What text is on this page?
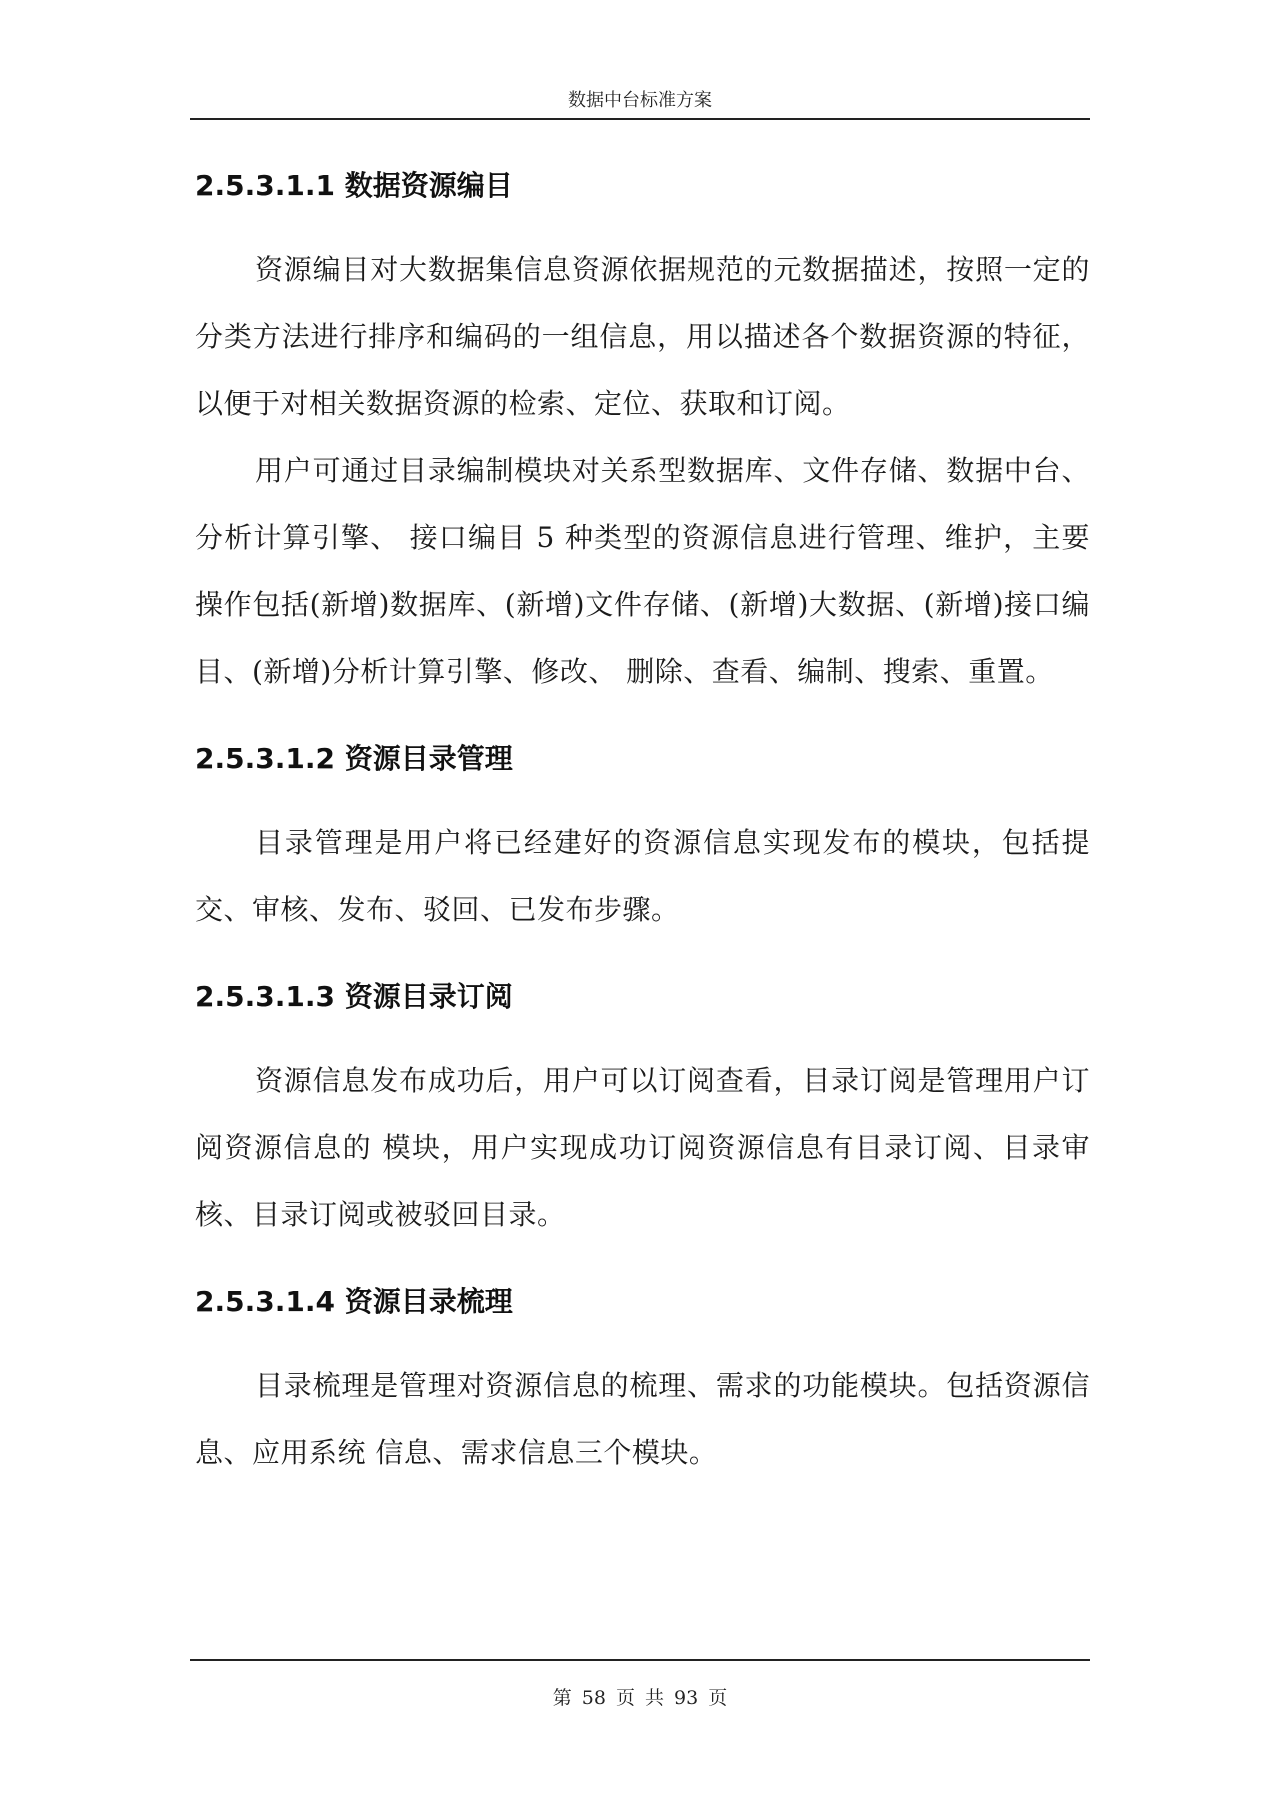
数据中台标准方案
2.5.3.1.1 数据资源编目

资源编目对大数据集信息资源依据规范的元数据描述，按照一定的分类方法进行排序和编码的一组信息，用以描述各个数据资源的特征，以便于对相关数据资源的检索、定位、获取和订阅。

用户可通过目录编制模块对关系型数据库、文件存储、数据中台、分析计算引擎、 接口编目 5 种类型的资源信息进行管理、维护，主要操作包括(新增)数据库、(新增)文件存储、(新增)大数据、(新增)接口编目、(新增)分析计算引擎、修改、 删除、查看、编制、搜索、重置。

2.5.3.1.2 资源目录管理

目录管理是用户将已经建好的资源信息实现发布的模块，包括提交、审核、发布、驳回、已发布步骤。

2.5.3.1.3 资源目录订阅

资源信息发布成功后，用户可以订阅查看，目录订阅是管理用户订阅资源信息的 模块，用户实现成功订阅资源信息有目录订阅、目录审核、目录订阅或被驳回目录。

2.5.3.1.4 资源目录梳理

目录梳理是管理对资源信息的梳理、需求的功能模块。包括资源信息、应用系统 信息、需求信息三个模块。

第 58 页 共 93 页
